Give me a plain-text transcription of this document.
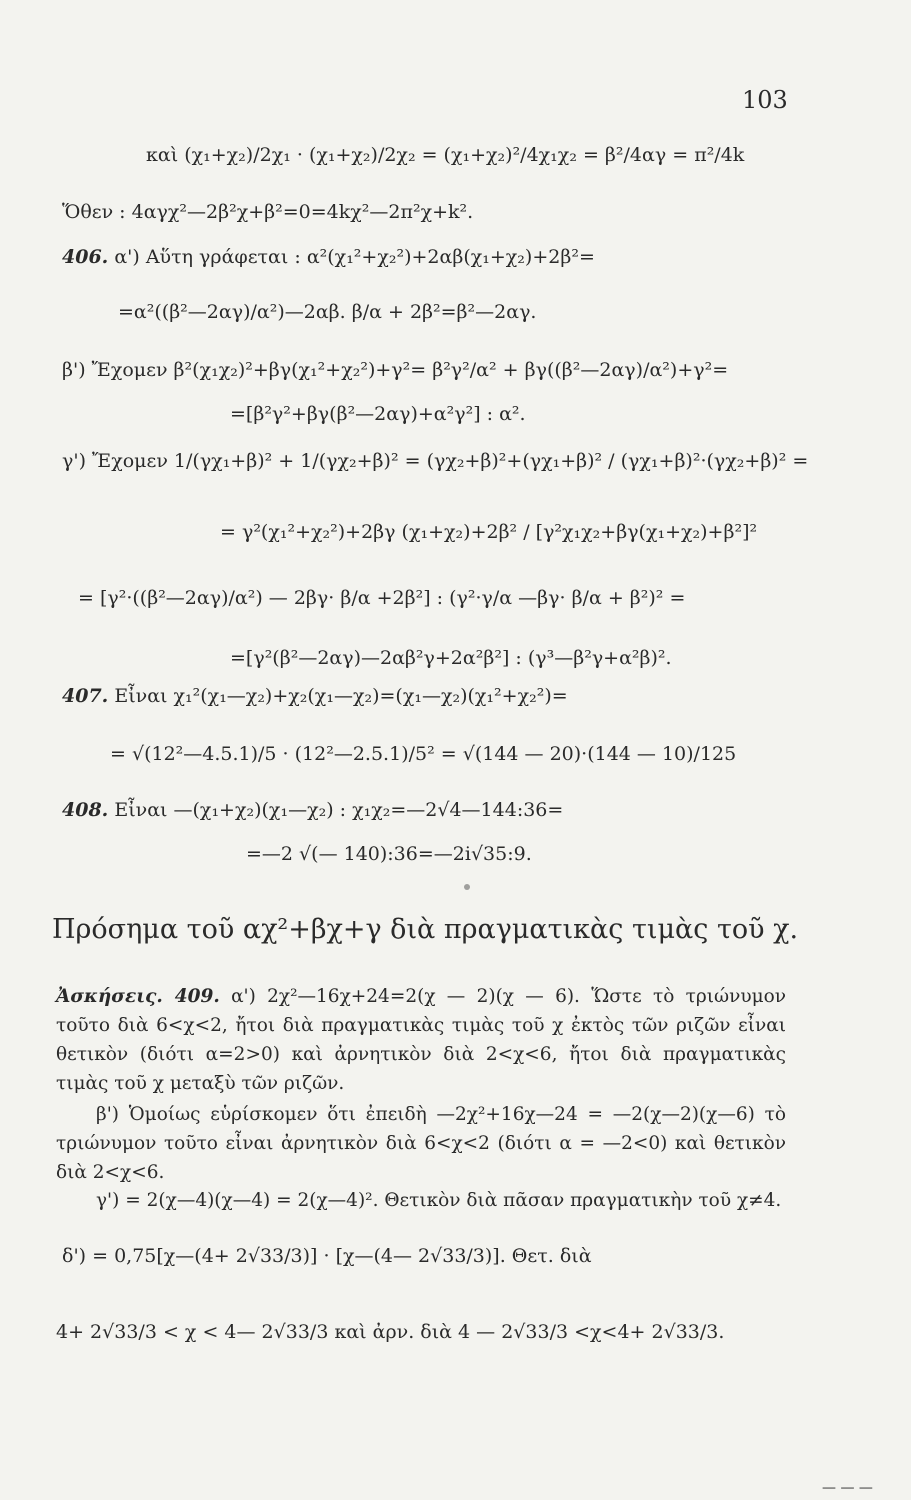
103
καὶ (χ₁+χ₂)/2χ₁ · (χ₁+χ₂)/2χ₂ = (χ₁+χ₂)²/4χ₁χ₂ = β²/4αγ = π²/4k
Ὅθεν : 4αγχ²—2β²χ+β²=0=4kχ²—2π²χ+k².
406. α') Αὕτη γράφεται : α²(χ₁²+χ₂²)+2αβ(χ₁+χ₂)+2β²=
=α²((β²—2αγ)/α²)—2αβ. β/α + 2β²=β²—2αγ.
β') Ἔχομεν β²(χ₁χ₂)²+βγ(χ₁²+χ₂²)+γ²= β²γ²/α² + βγ((β²—2αγ)/α²)+γ²=
=[β²γ²+βγ(β²—2αγ)+α²γ²] : α².
γ') Ἔχομεν 1/(γχ₁+β)² + 1/(γχ₂+β)² = (γχ₂+β)²+(γχ₁+β)² / (γχ₁+β)²·(γχ₂+β)² =
= γ²(χ₁²+χ₂²)+2βγ (χ₁+χ₂)+2β² / [γ²χ₁χ₂+βγ(χ₁+χ₂)+β²]²
= [γ²·((β²—2αγ)/α²) — 2βγ· β/α +2β²] : (γ²·γ/α —βγ· β/α + β²)² =
=[γ²(β²—2αγ)—2αβ²γ+2α²β²] : (γ³—β²γ+α²β)².
407. Εἶναι χ₁²(χ₁—χ₂)+χ₂(χ₁—χ₂)=(χ₁—χ₂)(χ₁²+χ₂²)=
= √(12²—4.5.1)/5 · (12²—2.5.1)/5² = √(144 — 20)·(144 — 10)/125
408. Εἶναι —(χ₁+χ₂)(χ₁—χ₂) : χ₁χ₂=—2√4—144:36=
=—2 √(— 140):36=—2i√35:9.
Πρόσημα τοῦ αχ²+βχ+γ διὰ πραγματικὰς τιμὰς τοῦ χ.
Ἀσκήσεις. 409. α') 2χ²—16χ+24=2(χ — 2)(χ — 6). Ὥστε τὸ τριώνυμον τοῦτο διὰ 6<χ<2, ἤτοι διὰ πραγματικὰς τιμὰς τοῦ χ ἐκτὸς τῶν ριζῶν εἶναι θετικὸν (διότι α=2>0) καὶ ἀρνητικὸν διὰ 2<χ<6, ἤτοι διὰ πραγματικὰς τιμὰς τοῦ χ μεταξὺ τῶν ριζῶν.
β') Ὁμοίως εὑρίσκομεν ὅτι ἐπειδὴ —2χ²+16χ—24 = —2(χ—2)(χ—6) τὸ τριώνυμον τοῦτο εἶναι ἀρνητικὸν διὰ 6<χ<2 (διότι α = —2<0) καὶ θετικὸν διὰ 2<χ<6.
γ') = 2(χ—4)(χ—4) = 2(χ—4)². Θετικὸν διὰ πᾶσαν πραγματικὴν τοῦ χ≠4.
δ') = 0,75[χ—(4+ 2√33/3)] · [χ—(4— 2√33/3)]. Θετ. διὰ
4+ 2√33/3 < χ < 4— 2√33/3 καὶ ἀρν. διὰ 4 — 2√33/3 <χ<4+ 2√33/3.
— — —
